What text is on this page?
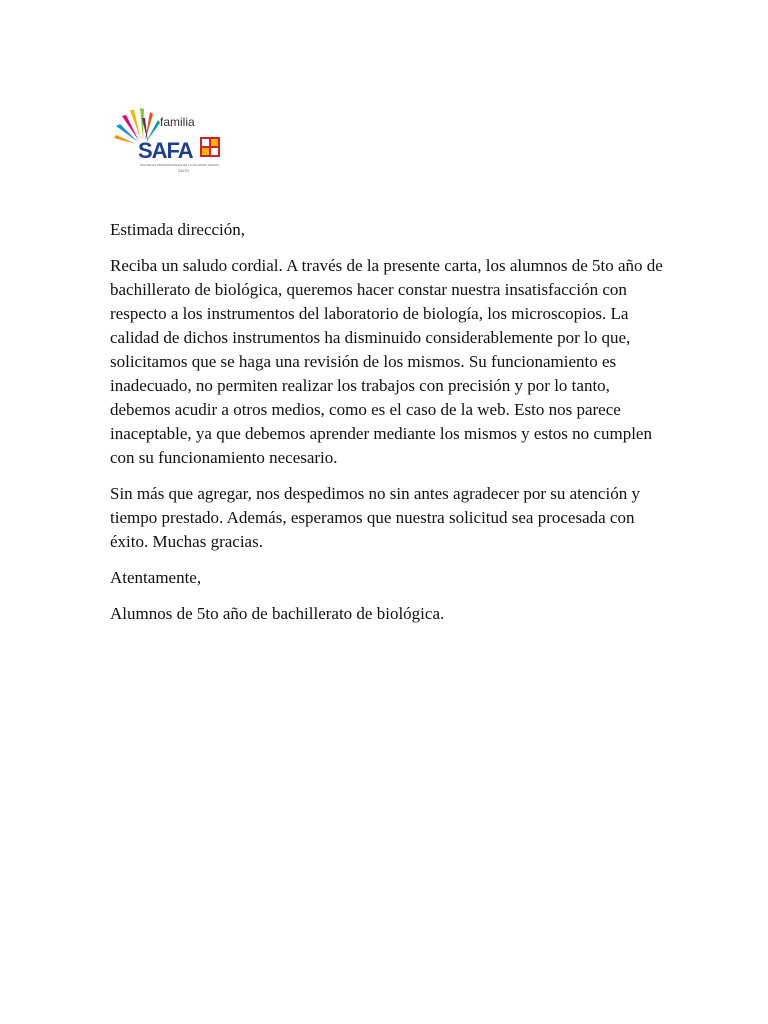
familia
SAFA
ESCUELAS PROFESIONALES DE LA SAGRADA FAMILIA
SALTO

Estimada dirección,

Reciba un saludo cordial. A través de la presente carta, los alumnos de 5to año de bachillerato de biológica, queremos hacer constar nuestra insatisfacción con respecto a los instrumentos del laboratorio de biología, los microscopios. La calidad de dichos instrumentos ha disminuido considerablemente por lo que, solicitamos que se haga una revisión de los mismos. Su funcionamiento es inadecuado, no permiten realizar los trabajos con precisión y por lo tanto, debemos acudir a otros medios, como es el caso de la web. Esto nos parece inaceptable, ya que debemos aprender mediante los mismos y estos no cumplen con su funcionamiento necesario.

Sin más que agregar, nos despedimos no sin antes agradecer por su atención y tiempo prestado. Además, esperamos que nuestra solicitud sea procesada con éxito. Muchas gracias.

Atentamente,

Alumnos de 5to año de bachillerato de biológica.
